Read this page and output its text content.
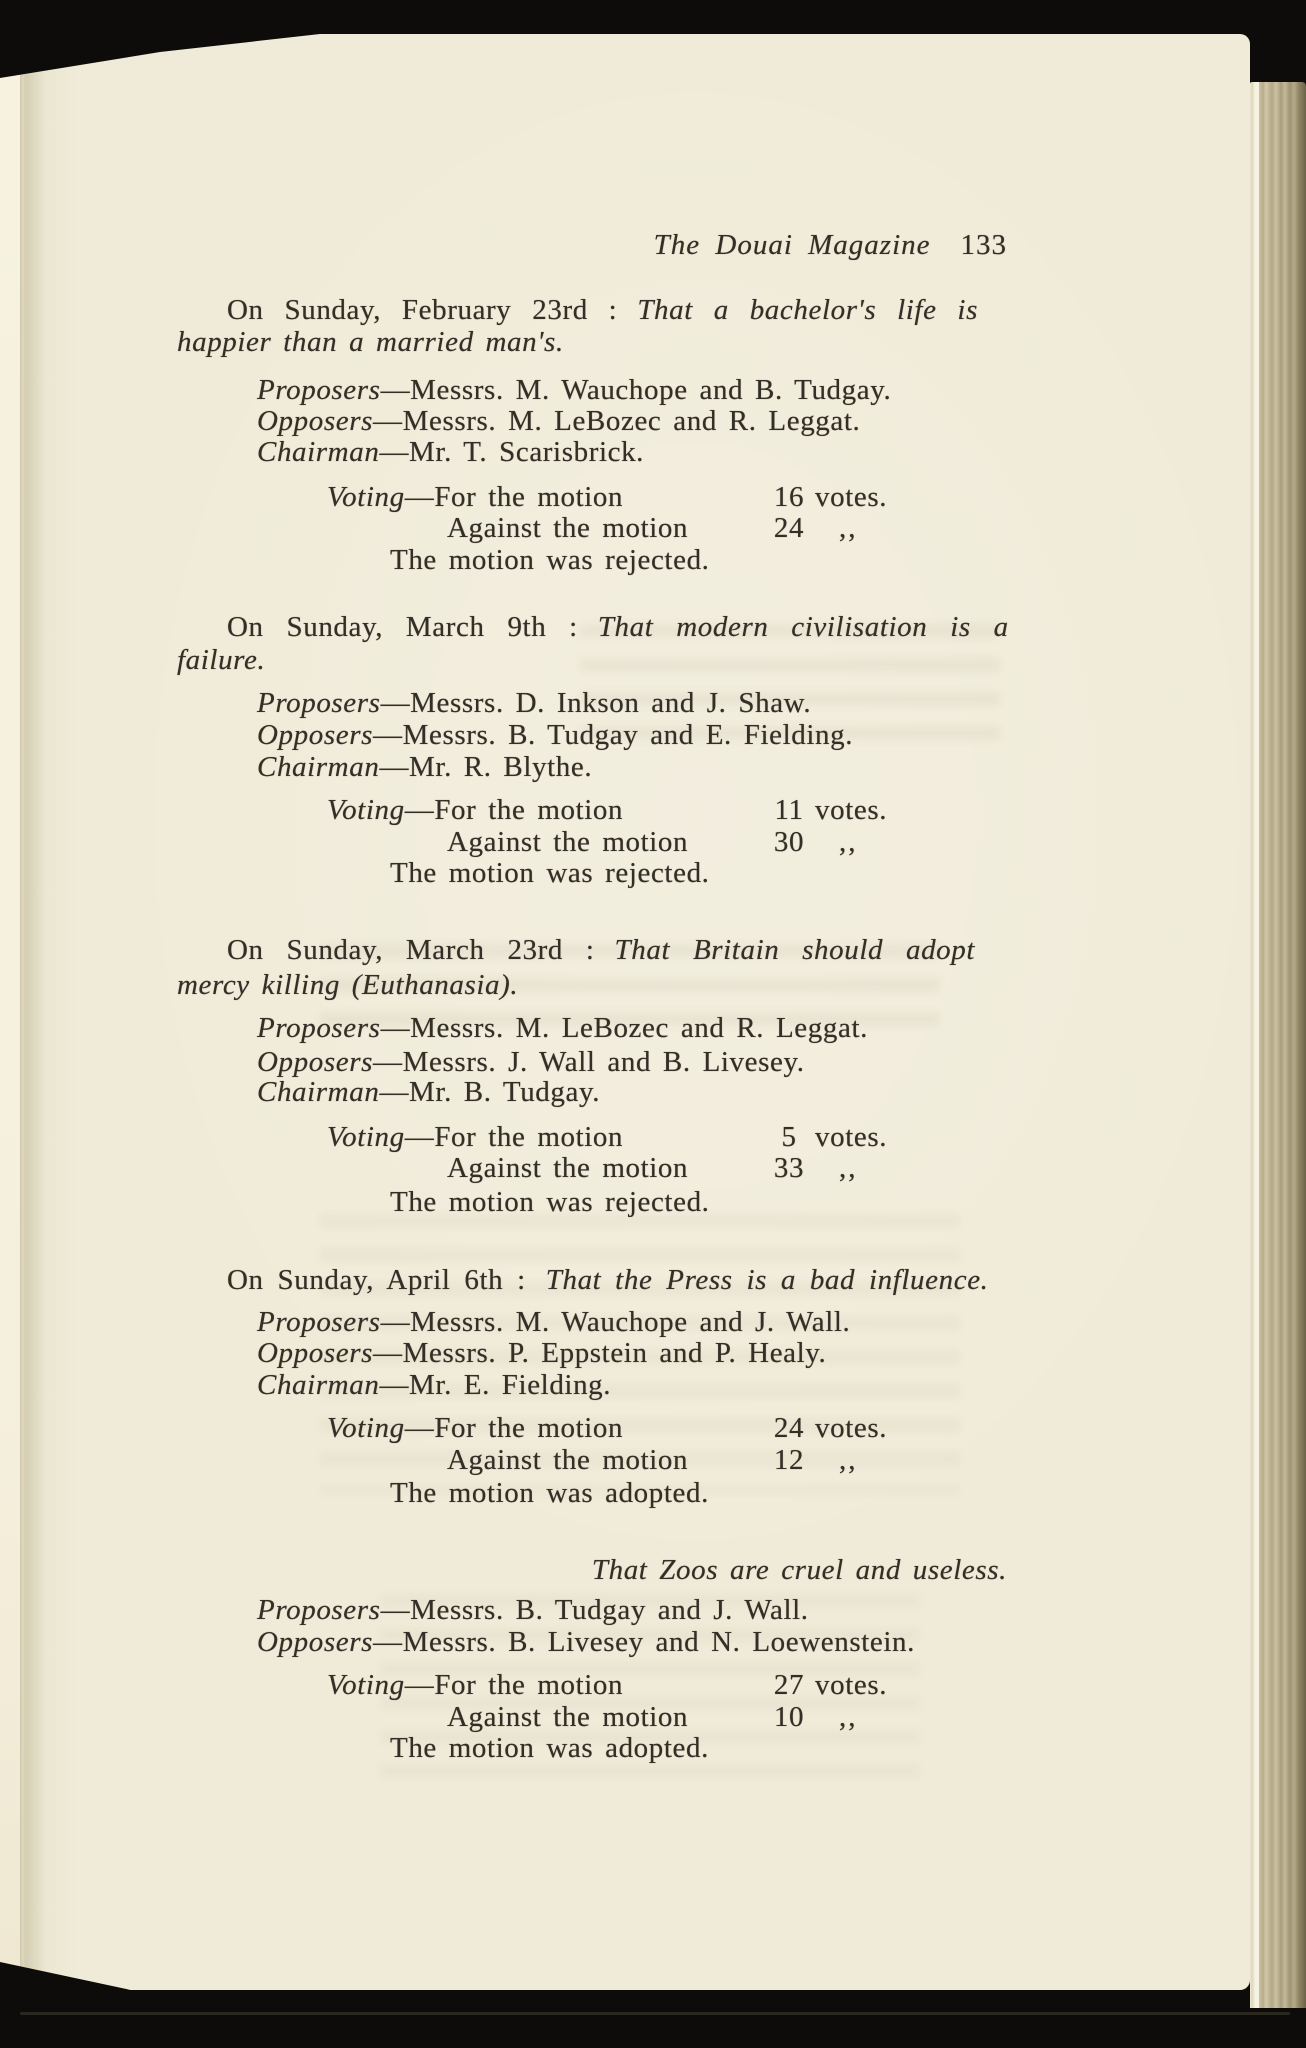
The Douai Magazine 133
On Sunday, February 23rd : That a bachelor's life is
happier than a married man's.
Proposers—Messrs. M. Wauchope and B. Tudgay.
Opposers—Messrs. M. LeBozec and R. Leggat.
Chairman—Mr. T. Scarisbrick.
Voting—For the motion	16 votes.
Against the motion	24 ,,
The motion was rejected.
On Sunday, March 9th : That modern civilisation is a
failure.
Proposers—Messrs. D. Inkson and J. Shaw.
Opposers—Messrs. B. Tudgay and E. Fielding.
Chairman—Mr. R. Blythe.
Voting—For the motion	11 votes.
Against the motion	30 ,,
The motion was rejected.
On Sunday, March 23rd : That Britain should adopt
mercy killing (Euthanasia).
Proposers—Messrs. M. LeBozec and R. Leggat.
Opposers—Messrs. J. Wall and B. Livesey.
Chairman—Mr. B. Tudgay.
Voting—For the motion	5 votes.
Against the motion	33 ,,
The motion was rejected.
On Sunday, April 6th : That the Press is a bad influence.
Proposers—Messrs. M. Wauchope and J. Wall.
Opposers—Messrs. P. Eppstein and P. Healy.
Chairman—Mr. E. Fielding.
Voting—For the motion	24 votes.
Against the motion	12 ,,
The motion was adopted.
That Zoos are cruel and useless.
Proposers—Messrs. B. Tudgay and J. Wall.
Opposers—Messrs. B. Livesey and N. Loewenstein.
Voting—For the motion	27 votes.
Against the motion	10 ,,
The motion was adopted.
